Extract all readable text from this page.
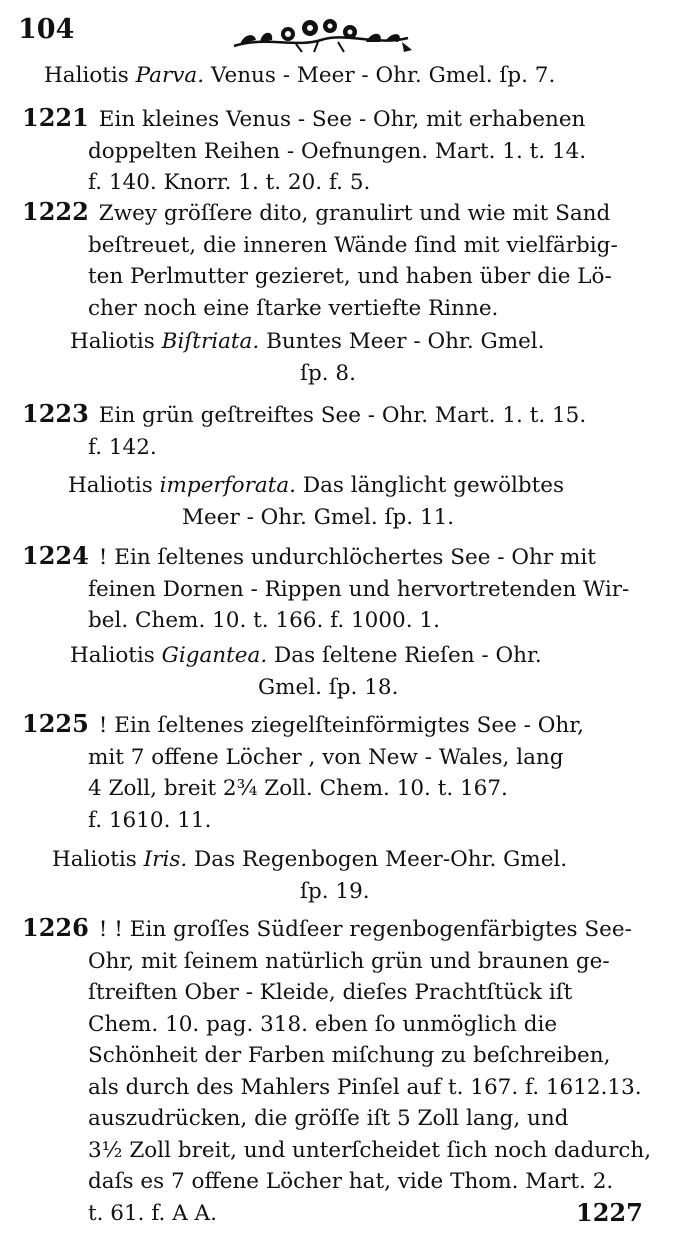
104
Haliotis Parva. Venus - Meer - Ohr. Gmel. ſp. 7.
1221 Ein kleines Venus - See - Ohr, mit erhabenen
doppelten Reihen - Oefnungen. Mart. 1. t. 14.
f. 140. Knorr. 1. t. 20. f. 5.
1222 Zwey gröſſere dito, granulirt und wie mit Sand
beſtreuet, die inneren Wände ſind mit vielfärbig-
ten Perlmutter gezieret, und haben über die Lö-
cher noch eine ſtarke vertiefte Rinne.
Haliotis Biſtriata. Buntes Meer - Ohr. Gmel.
ſp. 8.
1223 Ein grün geſtreiftes See - Ohr. Mart. 1. t. 15.
f. 142.
Haliotis imperforata. Das länglicht gewölbtes
Meer - Ohr. Gmel. ſp. 11.
1224 ! Ein ſeltenes undurchlöchertes See - Ohr mit
feinen Dornen - Rippen und hervortretenden Wir-
bel. Chem. 10. t. 166. f. 1000. 1.
Haliotis Gigantea. Das ſeltene Rieſen - Ohr.
Gmel. ſp. 18.
1225 ! Ein ſeltenes ziegelſteinförmigtes See - Ohr,
mit 7 offene Löcher , von New - Wales, lang
4 Zoll, breit 2¾ Zoll. Chem. 10. t. 167.
f. 1610. 11.
Haliotis Iris. Das Regenbogen Meer-Ohr. Gmel.
ſp. 19.
1226 ! ! Ein groſſes Südſeer regenbogenfärbigtes See-
Ohr, mit ſeinem natürlich grün und braunen ge-
ſtreiften Ober - Kleide, dieſes Prachtſtück iſt
Chem. 10. pag. 318. eben ſo unmöglich die
Schönheit der Farben miſchung zu beſchreiben,
als durch des Mahlers Pinſel auf t. 167. f. 1612.13.
auszudrücken, die gröſſe iſt 5 Zoll lang, und
3½ Zoll breit, und unterſcheidet ſich noch dadurch,
daſs es 7 offene Löcher hat, vide Thom. Mart. 2.
t. 61. f. A A.	1227
